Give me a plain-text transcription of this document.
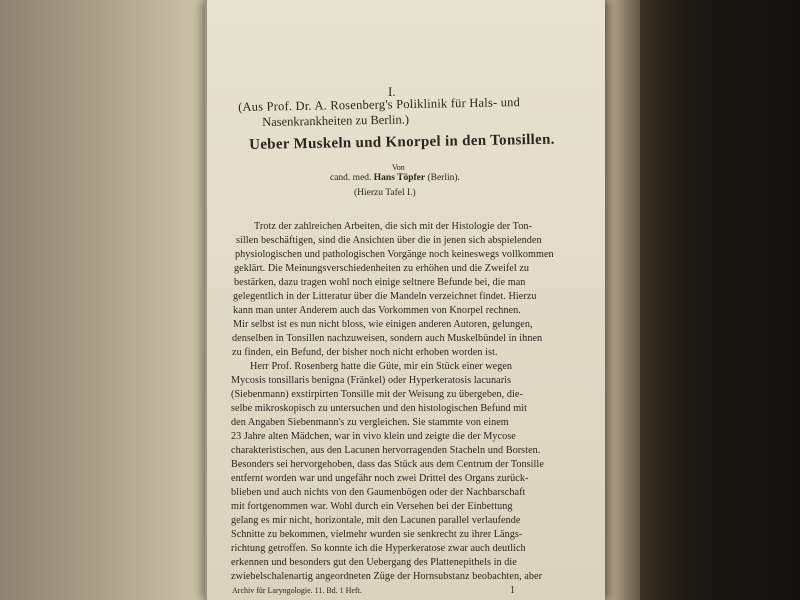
I.
(Aus Prof. Dr. A. Rosenberg's Poliklinik für Hals- und
Nasenkrankheiten zu Berlin.)
Ueber Muskeln und Knorpel in den Tonsillen.
Von
cand. med. Hans Töpfer (Berlin).
(Hierzu Tafel I.)
Trotz der zahlreichen Arbeiten, die sich mit der Histologie der Ton-
sillen beschäftigen, sind die Ansichten über die in jenen sich abspielenden
physiologischen und pathologischen Vorgänge noch keineswegs vollkommen
geklärt. Die Meinungsverschiedenheiten zu erhöhen und die Zweifel zu
bestärken, dazu tragen wohl noch einige seltnere Befunde bei, die man
gelegentlich in der Litteratur über die Mandeln verzeichnet findet. Hierzu
kann man unter Anderem auch das Vorkommen von Knorpel rechnen.
Mir selbst ist es nun nicht bloss, wie einigen anderen Autoren, gelungen,
denselben in Tonsillen nachzuweisen, sondern auch Muskelbündel in ihnen
zu finden, ein Befund, der bisher noch nicht erhoben worden ist.
Herr Prof. Rosenberg hatte die Güte, mir ein Stück einer wegen
Mycosis tonsillaris benigna (Fränkel) oder Hyperkeratosis lacunaris
(Siebenmann) exstirpirten Tonsille mit der Weisung zu übergeben, die-
selbe mikroskopisch zu untersuchen und den histologischen Befund mit
den Angaben Siebenmann's zu vergleichen. Sie stammte von einem
23 Jahre alten Mädchen, war in vivo klein und zeigte die der Mycose
charakteristischen, aus den Lacunen hervorragenden Stacheln und Borsten.
Besonders sei hervorgehoben, dass das Stück aus dem Centrum der Tonsille
entfernt worden war und ungefähr noch zwei Drittel des Organs zurück-
blieben und auch nichts von den Gaumenbögen oder der Nachbarschaft
mit fortgenommen war. Wohl durch ein Versehen bei der Einbettung
gelang es mir nicht, horizontale, mit den Lacunen parallel verlaufende
Schnitte zu bekommen, vielmehr wurden sie senkrecht zu ihrer Längs-
richtung getroffen. So konnte ich die Hyperkeratose zwar auch deutlich
erkennen und besonders gut den Uebergang des Plattenepithels in die
zwiebelschalenartig angeordneten Züge der Hornsubstanz beobachten, aber
1
Archiv für Laryngologie. 11. Bd. 1 Heft.
